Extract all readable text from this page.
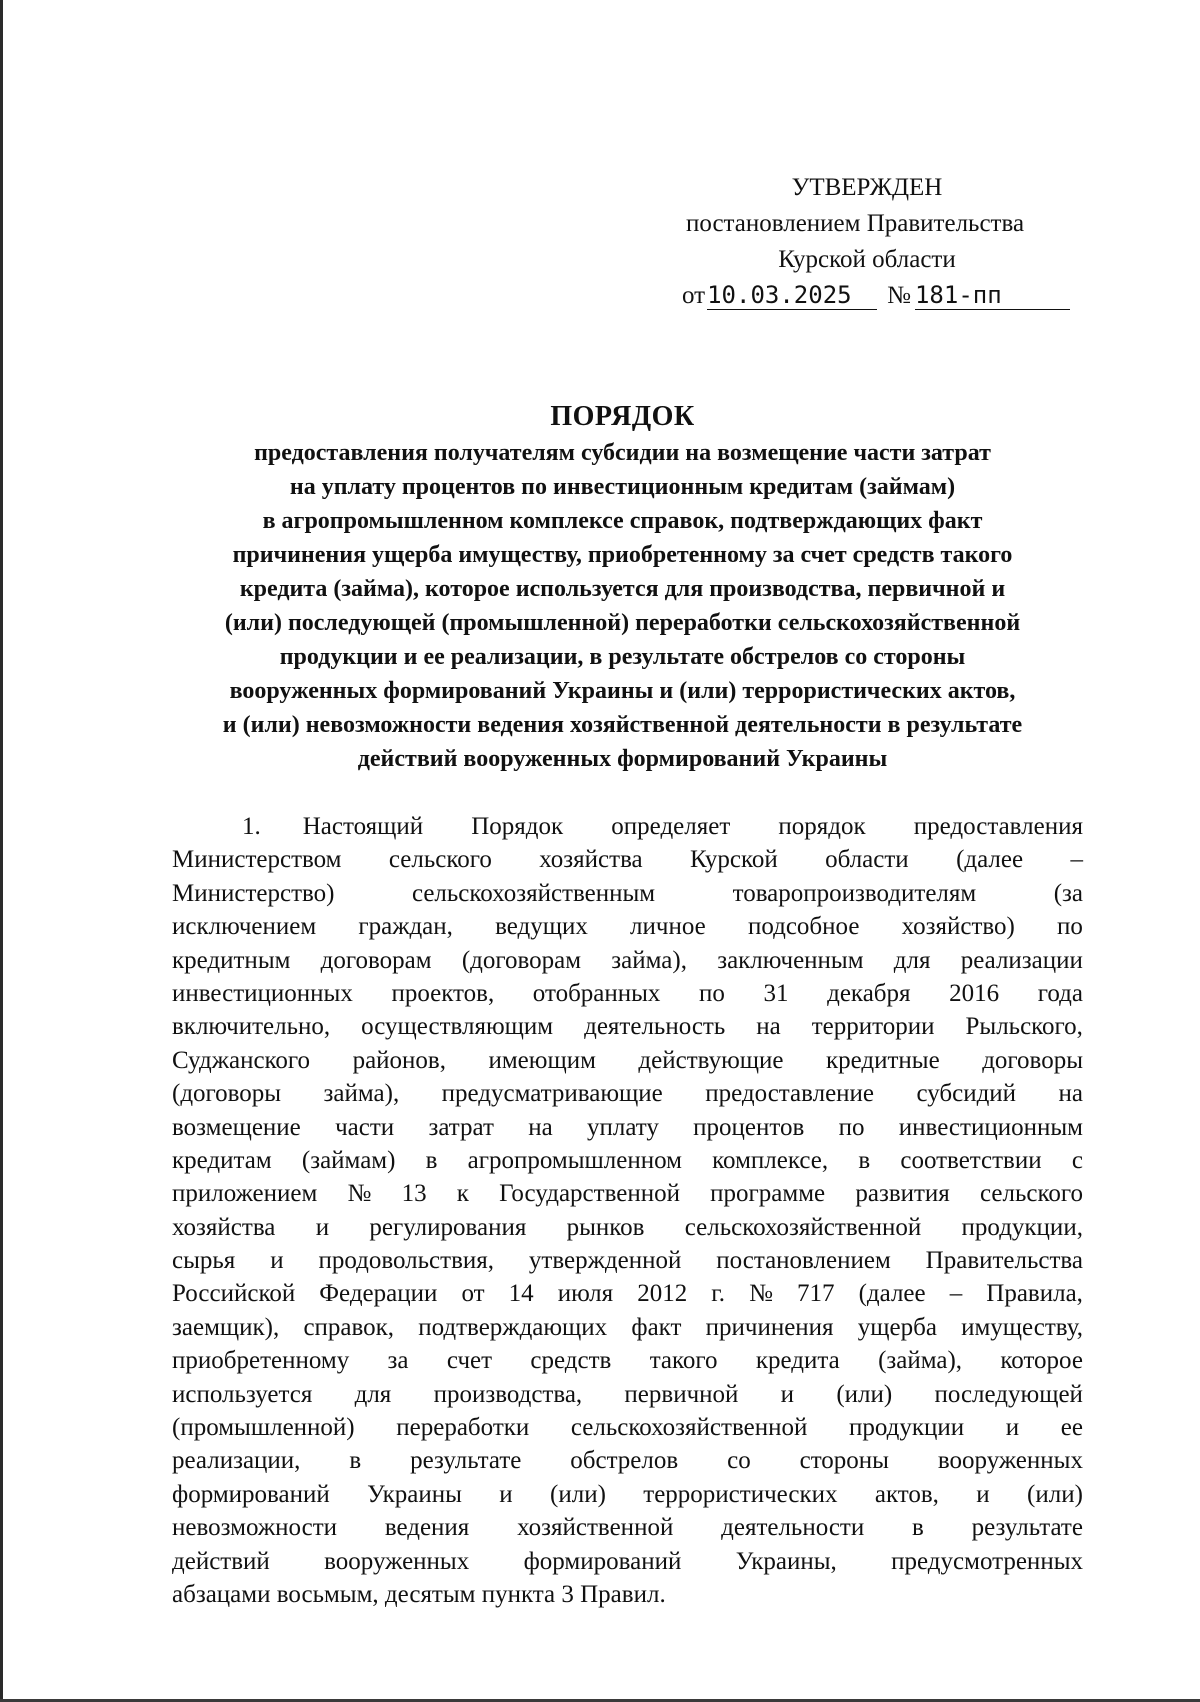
УТВЕРЖДЕН
постановлением Правительства
Курской области
от10.03.2025 № 181-пп
ПОРЯДОК
предоставления получателям субсидии на возмещение части затрат
на уплату процентов по инвестиционным кредитам (займам)
в агропромышленном комплексе справок, подтверждающих факт
причинения ущерба имуществу, приобретенному за счет средств такого
кредита (займа), которое используется для производства, первичной и
(или) последующей (промышленной) переработки сельскохозяйственной
продукции и ее реализации, в результате обстрелов со стороны
вооруженных формирований Украины и (или) террористических актов,
и (или) невозможности ведения хозяйственной деятельности в результате
действий вооруженных формирований Украины
1. Настоящий Порядок определяет порядок предоставления
Министерством сельского хозяйства Курской области (далее –
Министерство)	сельскохозяйственным	товаропроизводителям	(за
исключением граждан, ведущих личное подсобное хозяйство) по
кредитным договорам (договорам займа), заключенным для реализации
инвестиционных проектов, отобранных по 31 декабря 2016 года
включительно, осуществляющим деятельность на территории Рыльского,
Суджанского районов, имеющим действующие кредитные договоры
(договоры займа), предусматривающие предоставление субсидий на
возмещение части затрат на уплату процентов по инвестиционным
кредитам (займам) в агропромышленном комплексе, в соответствии с
приложением № 13 к Государственной программе развития сельского
хозяйства и регулирования рынков сельскохозяйственной продукции,
сырья и продовольствия, утвержденной постановлением Правительства
Российской Федерации от 14 июля 2012 г. № 717 (далее – Правила,
заемщик), справок, подтверждающих факт причинения ущерба имуществу,
приобретенному за счет средств такого кредита (займа), которое
используется для производства, первичной и (или) последующей
(промышленной) переработки сельскохозяйственной продукции и ее
реализации, в результате обстрелов со стороны вооруженных
формирований Украины и (или) террористических актов, и (или)
невозможности ведения хозяйственной деятельности в результате
действий вооруженных формирований Украины, предусмотренных
абзацами восьмым, десятым пункта 3 Правил.
